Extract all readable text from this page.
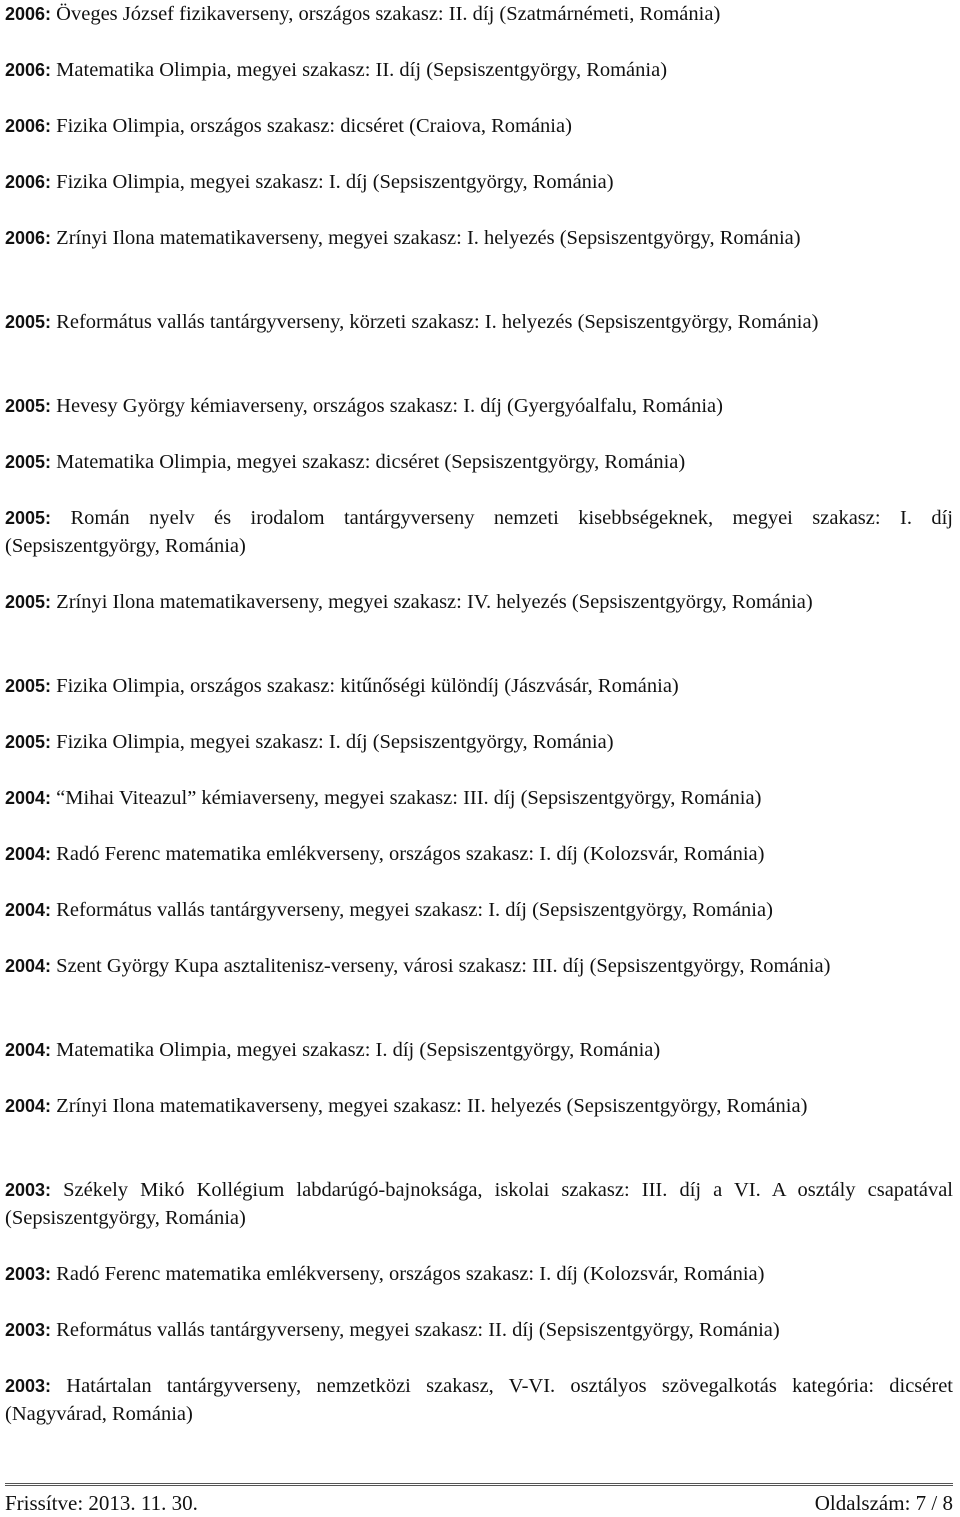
2006: Öveges József fizikaverseny, országos szakasz: II. díj (Szatmárnémeti, Románia)

2006: Matematika Olimpia, megyei szakasz: II. díj (Sepsiszentgyörgy, Románia)

2006: Fizika Olimpia, országos szakasz: dicséret (Craiova, Románia)

2006: Fizika Olimpia, megyei szakasz: I. díj (Sepsiszentgyörgy, Románia)

2006: Zrínyi Ilona matematikaverseny, megyei szakasz: I. helyezés (Sepsiszentgyörgy, Románia)

2005: Református vallás tantárgyverseny, körzeti szakasz: I. helyezés (Sepsiszentgyörgy, Románia)

2005: Hevesy György kémiaverseny, országos szakasz: I. díj (Gyergyóalfalu, Románia)

2005: Matematika Olimpia, megyei szakasz: dicséret (Sepsiszentgyörgy, Románia)

2005: Román nyelv és irodalom tantárgyverseny nemzeti kisebbségeknek, megyei szakasz: I. díj (Sepsiszentgyörgy, Románia)

2005: Zrínyi Ilona matematikaverseny, megyei szakasz: IV. helyezés (Sepsiszentgyörgy, Románia)

2005: Fizika Olimpia, országos szakasz: kitűnőségi különdíj (Jászvásár, Románia)

2005: Fizika Olimpia, megyei szakasz: I. díj (Sepsiszentgyörgy, Románia)

2004: “Mihai Viteazul” kémiaverseny, megyei szakasz: III. díj (Sepsiszentgyörgy, Románia)

2004: Radó Ferenc matematika emlékverseny, országos szakasz: I. díj (Kolozsvár, Románia)

2004: Református vallás tantárgyverseny, megyei szakasz: I. díj (Sepsiszentgyörgy, Románia)

2004: Szent György Kupa asztalitenisz-verseny, városi szakasz: III. díj (Sepsiszentgyörgy, Románia)

2004: Matematika Olimpia, megyei szakasz: I. díj (Sepsiszentgyörgy, Románia)

2004: Zrínyi Ilona matematikaverseny, megyei szakasz: II. helyezés (Sepsiszentgyörgy, Románia)

2003: Székely Mikó Kollégium labdarúgó-bajnoksága, iskolai szakasz: III. díj a VI. A osztály csapatával (Sepsiszentgyörgy, Románia)

2003: Radó Ferenc matematika emlékverseny, országos szakasz: I. díj (Kolozsvár, Románia)

2003: Református vallás tantárgyverseny, megyei szakasz: II. díj (Sepsiszentgyörgy, Románia)

2003: Határtalan tantárgyverseny, nemzetközi szakasz, V-VI. osztályos szövegalkotás kategória: dicséret (Nagyvárad, Románia)

Frissítve: 2013. 11. 30.	Oldalszám: 7 / 8
